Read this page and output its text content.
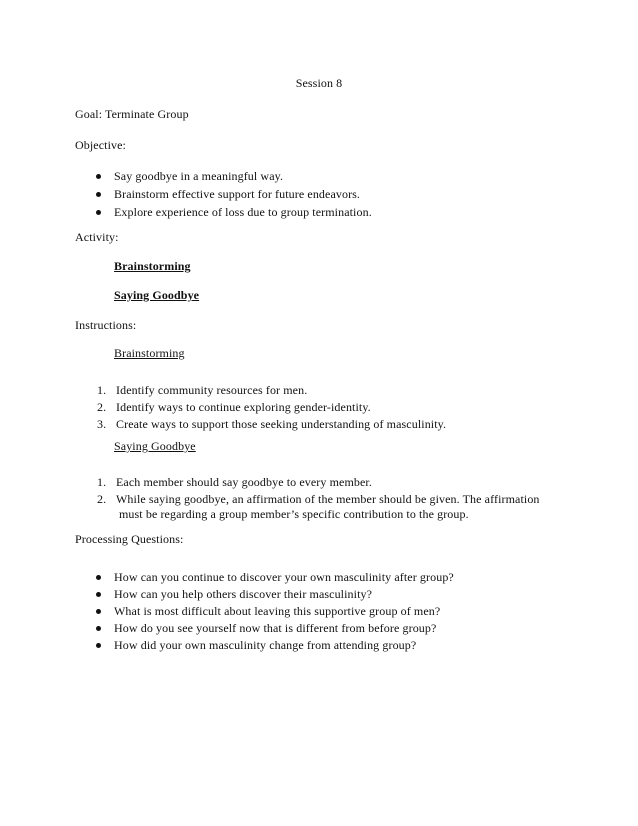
Session 8
Goal: Terminate Group
Objective:
Say goodbye in a meaningful way.
Brainstorm effective support for future endeavors.
Explore experience of loss due to group termination.
Activity:
Brainstorming
Saying Goodbye
Instructions:
Brainstorming
1. Identify community resources for men.
2. Identify ways to continue exploring gender-identity.
3. Create ways to support those seeking understanding of masculinity.
Saying Goodbye
1. Each member should say goodbye to every member.
2. While saying goodbye, an affirmation of the member should be given. The affirmation
must be regarding a group member’s specific contribution to the group.
Processing Questions:
How can you continue to discover your own masculinity after group?
How can you help others discover their masculinity?
What is most difficult about leaving this supportive group of men?
How do you see yourself now that is different from before group?
How did your own masculinity change from attending group?
